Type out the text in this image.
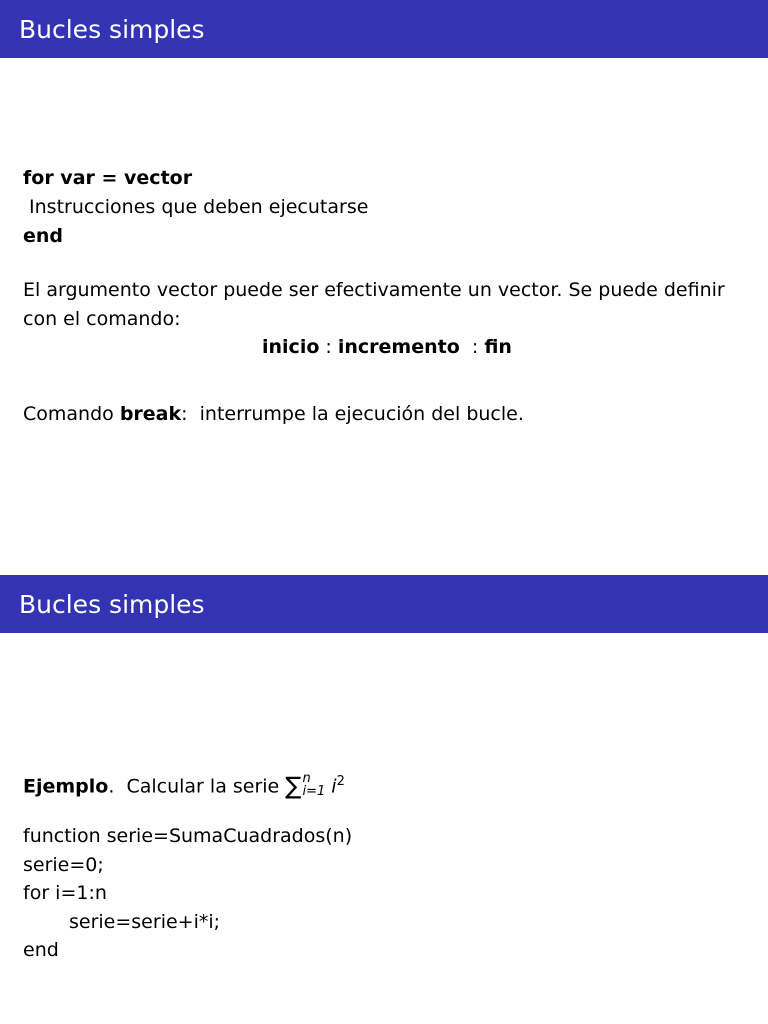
Bucles simples
for var = vector
Instrucciones que deben ejecutarse
end
El argumento vector puede ser efectivamente un vector. Se puede definir
con el comando:
inicio : incremento  : fin
Comando break:  interrumpe la ejecución del bucle.
Bucles simples
Ejemplo.  Calcular la serie ∑ n
i=1 $i^2$
function serie=SumaCuadrados(n)
serie=0;
for i=1:n
serie=serie+i*i;
end
